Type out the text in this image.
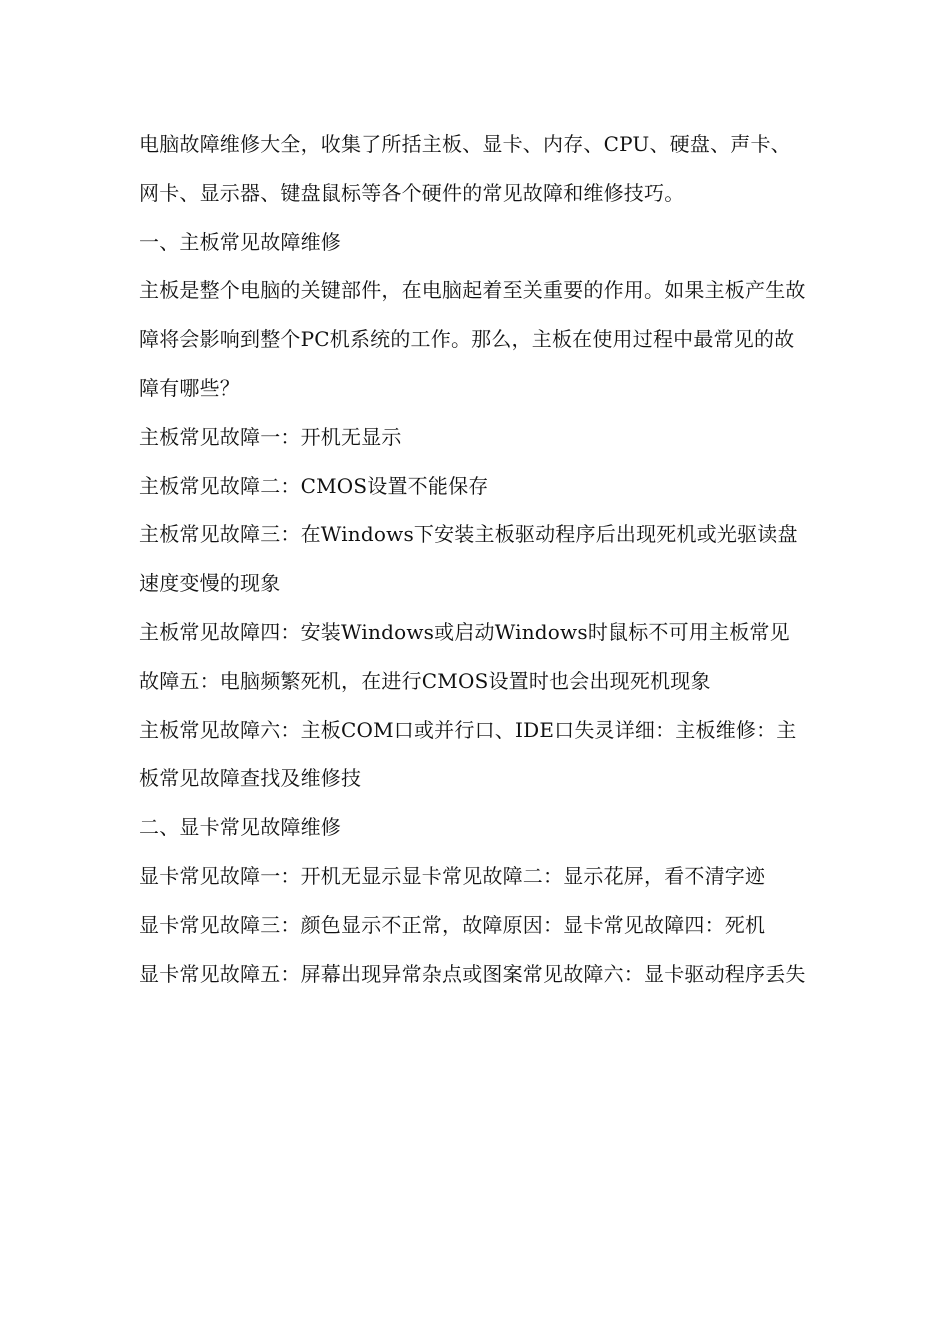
电脑故障维修大全，收集了所括主板、显卡、内存、CPU、硬盘、声卡、网卡、显示器、键盘鼠标等各个硬件的常见故障和维修技巧。

一、主板常见故障维修

主板是整个电脑的关键部件，在电脑起着至关重要的作用。如果主板产生故障将会影响到整个PC机系统的工作。那么，主板在使用过程中最常见的故障有哪些？

主板常见故障一：开机无显示

主板常见故障二：CMOS设置不能保存

主板常见故障三：在Windows下安装主板驱动程序后出现死机或光驱读盘速度变慢的现象

主板常见故障四：安装Windows或启动Windows时鼠标不可用主板常见故障五：电脑频繁死机，在进行CMOS设置时也会出现死机现象

主板常见故障六：主板COM口或并行口、IDE口失灵详细：主板维修：主板常见故障查找及维修技

二、显卡常见故障维修

显卡常见故障一：开机无显示显卡常见故障二：显示花屏，看不清字迹

显卡常见故障三：颜色显示不正常，故障原因：显卡常见故障四：死机

显卡常见故障五：屏幕出现异常杂点或图案常见故障六：显卡驱动程序丢失
